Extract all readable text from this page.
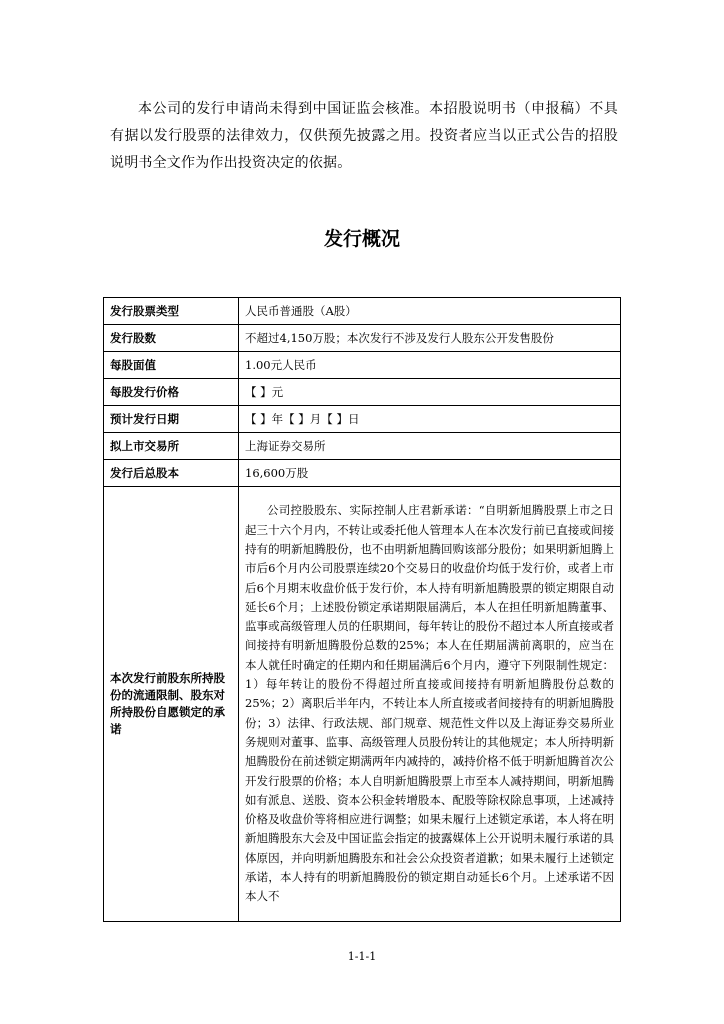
本公司的发行申请尚未得到中国证监会核准。本招股说明书（申报稿）不具有据以发行股票的法律效力，仅供预先披露之用。投资者应当以正式公告的招股说明书全文作为作出投资决定的依据。

发行概况
发行股票类型	人民币普通股（A股）
发行股数	不超过4,150万股；本次发行不涉及发行人股东公开发售股份
每股面值	1.00元人民币
每股发行价格	【 】元
预计发行日期	【 】年【 】月【 】日
拟上市交易所	上海证券交易所
发行后总股本	16,600万股
本次发行前股东所持股份的流通限制、股东对所持股份自愿锁定的承诺	公司控股股东、实际控制人庄君新承诺：“自明新旭腾股票上市之日起三十六个月内，不转让或委托他人管理本人在本次发行前已直接或间接持有的明新旭腾股份，也不由明新旭腾回购该部分股份；如果明新旭腾上市后6个月内公司股票连续20个交易日的收盘价均低于发行价，或者上市后6个月期末收盘价低于发行价，本人持有明新旭腾股票的锁定期限自动延长6个月；上述股份锁定承诺期限届满后，本人在担任明新旭腾董事、监事或高级管理人员的任职期间，每年转让的股份不超过本人所直接或者间接持有明新旭腾股份总数的25%；本人在任期届满前离职的，应当在本人就任时确定的任期内和任期届满后6个月内，遵守下列限制性规定：1）每年转让的股份不得超过所直接或间接持有明新旭腾股份总数的25%；2）离职后半年内，不转让本人所直接或者间接持有的明新旭腾股份；3）法律、行政法规、部门规章、规范性文件以及上海证券交易所业务规则对董事、监事、高级管理人员股份转让的其他规定；本人所持明新旭腾股份在前述锁定期满两年内减持的，减持价格不低于明新旭腾首次公开发行股票的价格；本人自明新旭腾股票上市至本人减持期间，明新旭腾如有派息、送股、资本公积金转增股本、配股等除权除息事项，上述减持价格及收盘价等将相应进行调整；如果未履行上述锁定承诺，本人将在明新旭腾股东大会及中国证监会指定的披露媒体上公开说明未履行承诺的具体原因，并向明新旭腾股东和社会公众投资者道歉；如果未履行上述锁定承诺，本人持有的明新旭腾股份的锁定期自动延长6个月。上述承诺不因本人不
1-1-1
